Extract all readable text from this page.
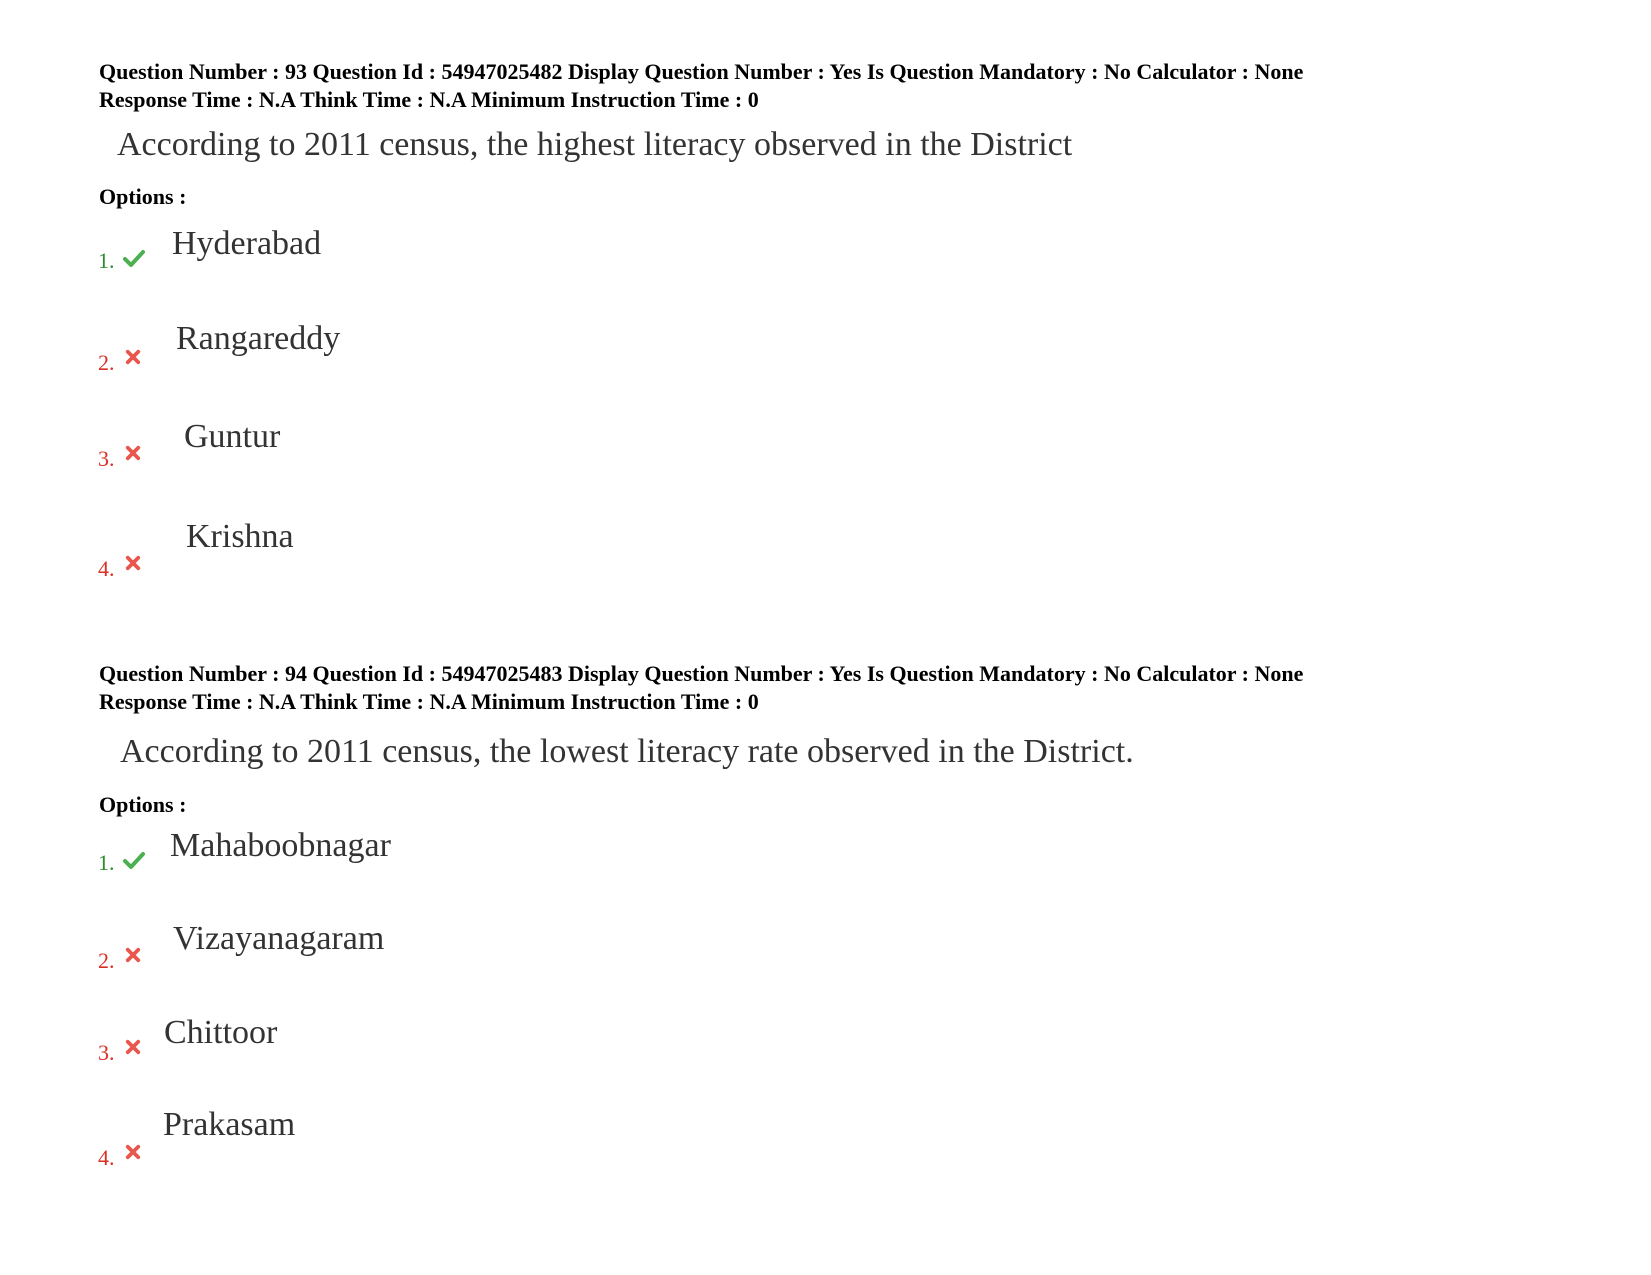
Question Number : 93 Question Id : 54947025482 Display Question Number : Yes Is Question Mandatory : No Calculator : None
Response Time : N.A Think Time : N.A Minimum Instruction Time : 0
According to 2011 census, the highest literacy observed in the District
Options :
1. Hyderabad
2.
Rangareddy
3.
Guntur
4.
Krishna
Question Number : 94 Question Id : 54947025483 Display Question Number : Yes Is Question Mandatory : No Calculator : None
Response Time : N.A Think Time : N.A Minimum Instruction Time : 0
According to 2011 census, the lowest literacy rate observed in the District.
Options :
1. Mahaboobnagar
2.
Vizayanagaram
3.
Chittoor
4.
Prakasam
